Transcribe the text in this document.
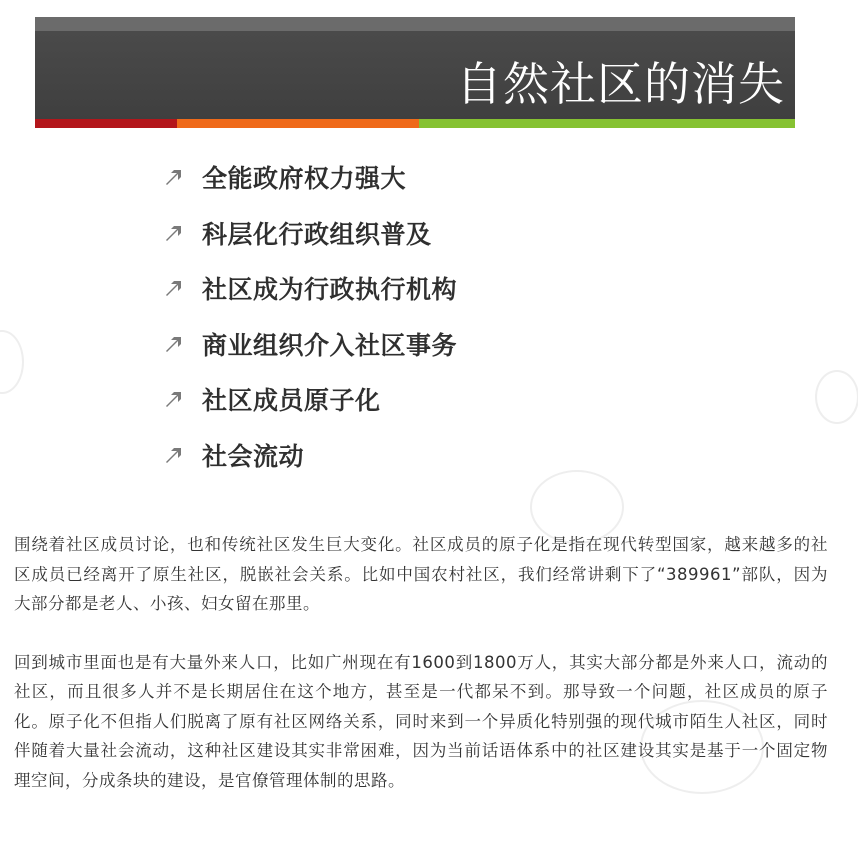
自然社区的消失
全能政府权力强大
科层化行政组织普及
社区成为行政执行机构
商业组织介入社区事务
社区成员原子化
社会流动

围绕着社区成员讨论，也和传统社区发生巨大变化。社区成员的原子化是指在现代转型国家，越来越多的社区成员已经离开了原生社区，脱嵌社会关系。比如中国农村社区，我们经常讲剩下了“389961”部队，因为大部分都是老人、小孩、妇女留在那里。

回到城市里面也是有大量外来人口，比如广州现在有1600到1800万人，其实大部分都是外来人口，流动的社区，而且很多人并不是长期居住在这个地方，甚至是一代都呆不到。那导致一个问题，社区成员的原子化。原子化不但指人们脱离了原有社区网络关系，同时来到一个异质化特别强的现代城市陌生人社区，同时伴随着大量社会流动，这种社区建设其实非常困难，因为当前话语体系中的社区建设其实是基于一个固定物理空间，分成条块的建设，是官僚管理体制的思路。
